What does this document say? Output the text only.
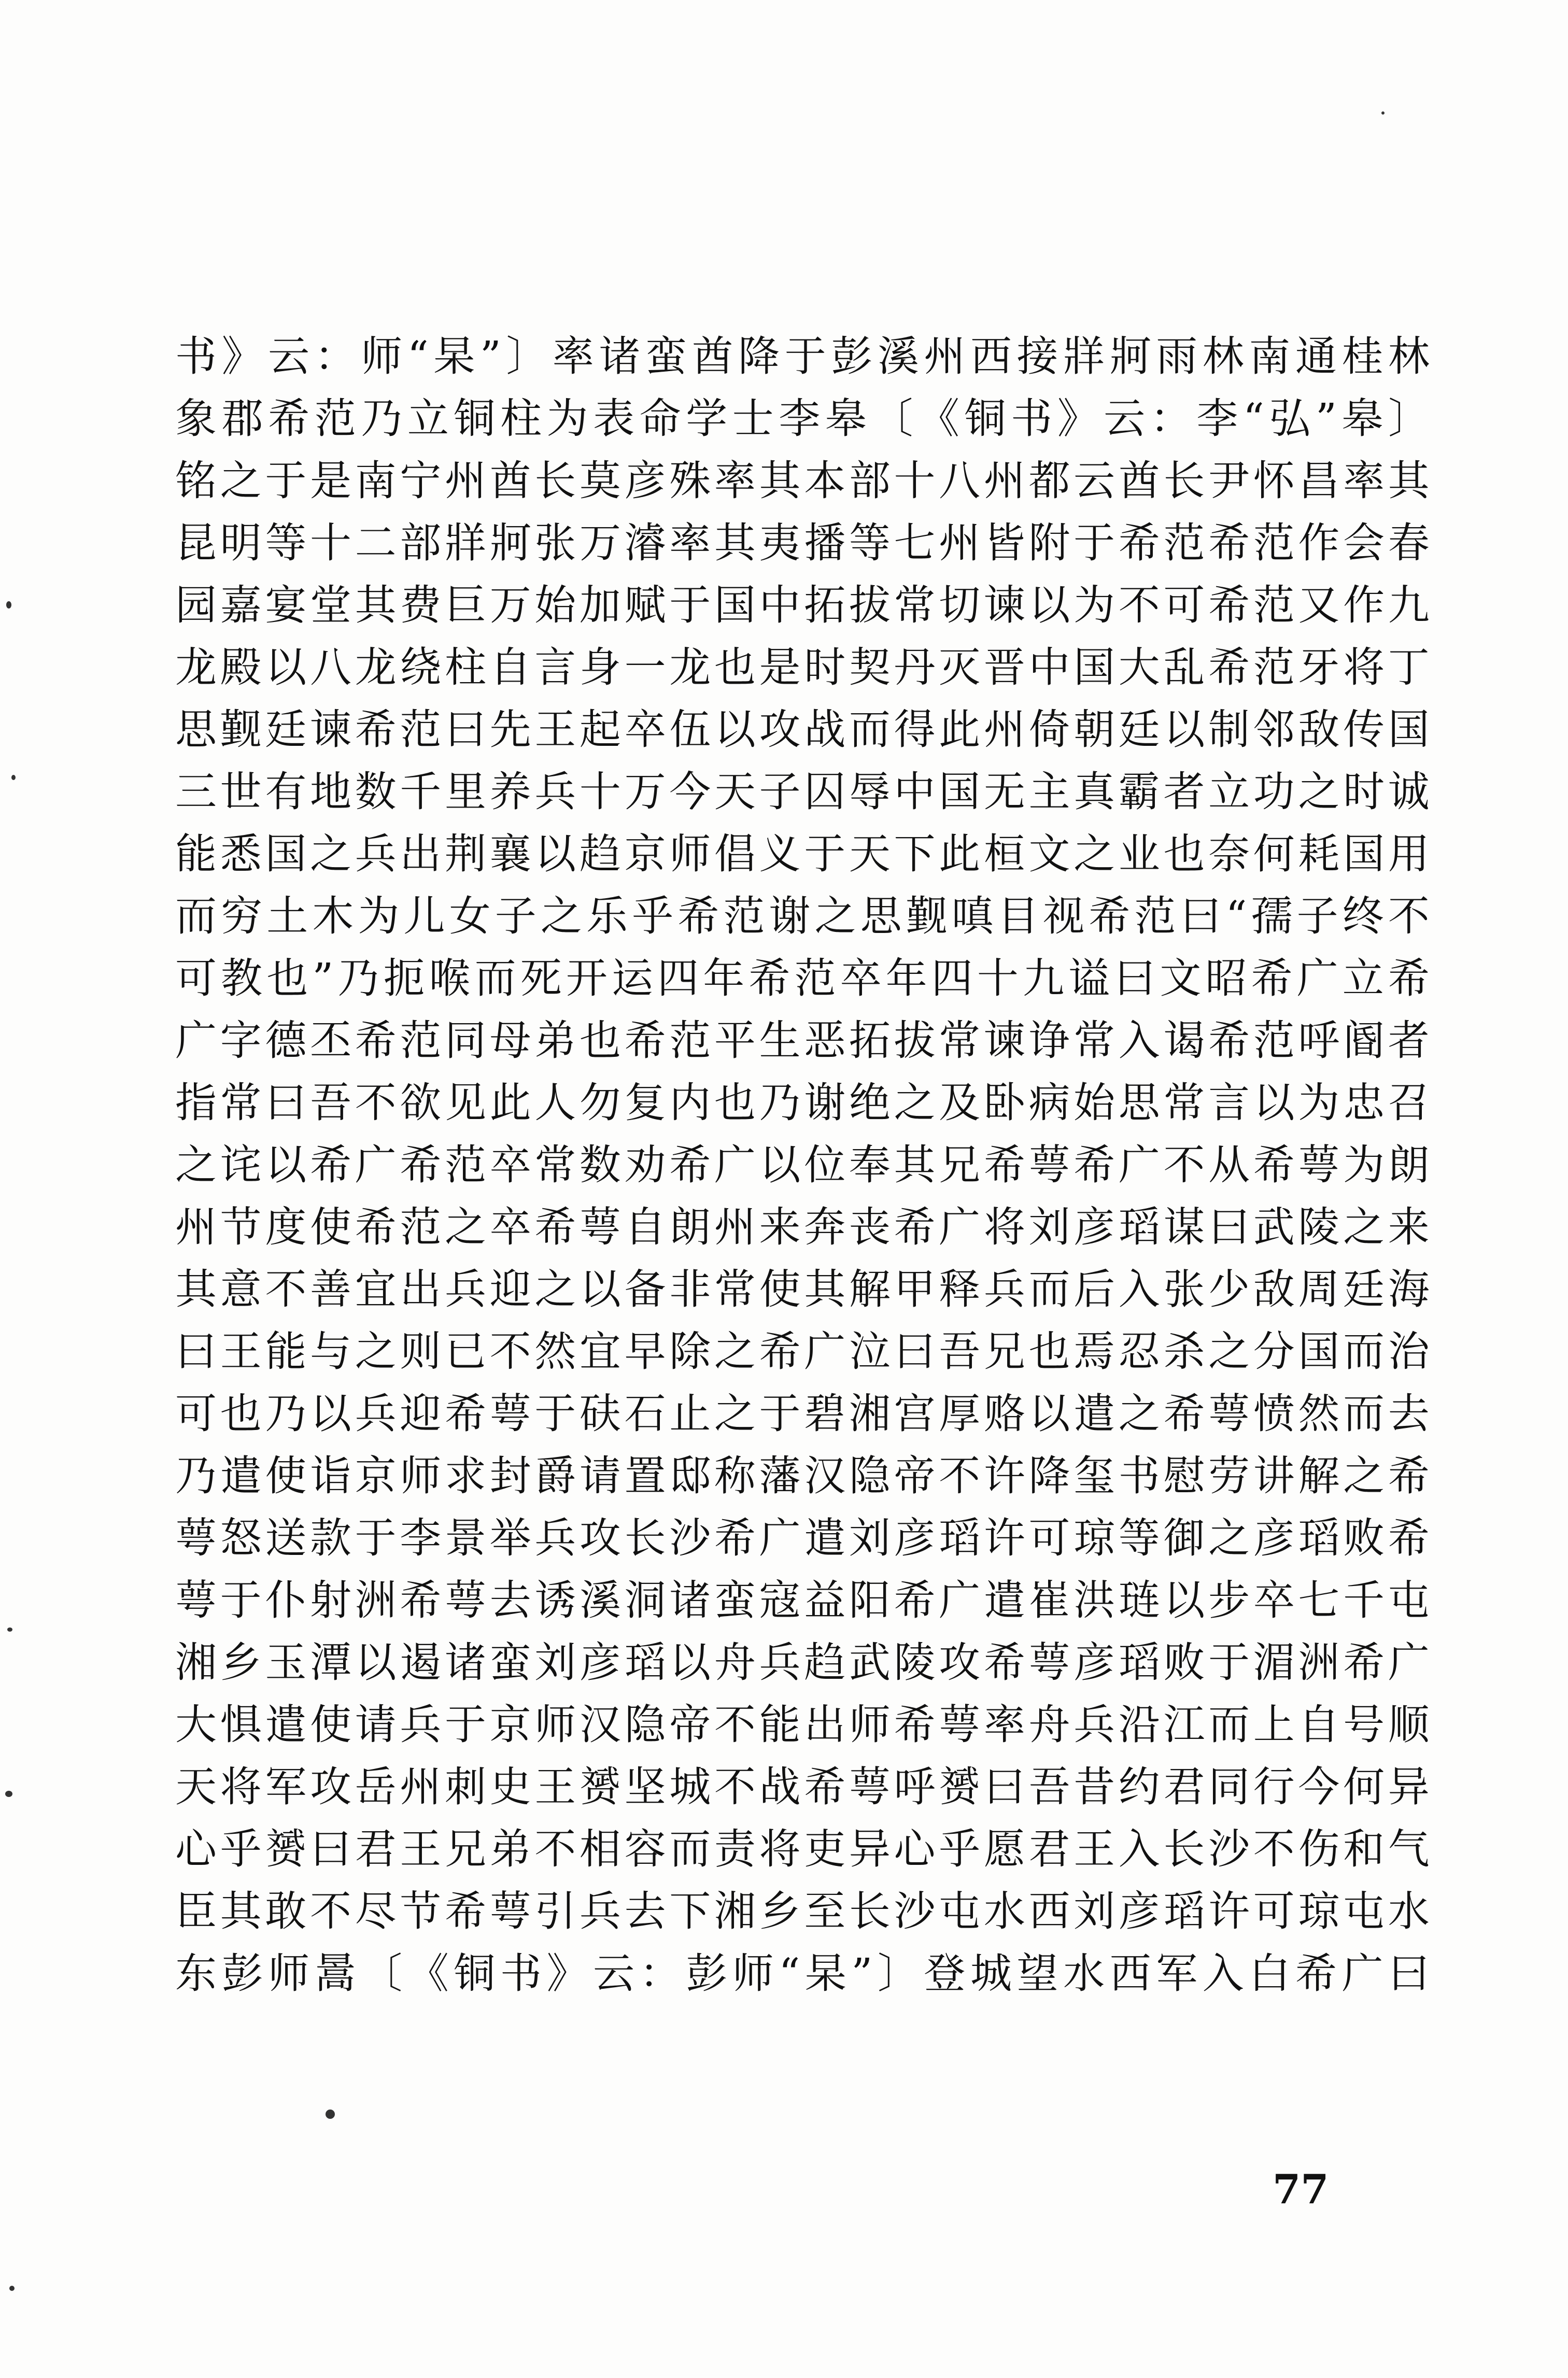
书 》 云 ： 师 “ 杲 ” 〕 率 诸 蛮 酋 降 于 彭 溪 州 西 接 牂 牁 雨 林 南 通 桂 林
象 郡 希 范 乃 立 铜 柱 为 表 命 学 士 李 皋 〔 《 铜 书 》 云 ： 李 “ 弘 ” 皋 〕
铭 之 于 是 南 宁 州 酋 长 莫 彦 殊 率 其 本 部 十 八 州 都 云 酋 长 尹 怀 昌 率 其
昆 明 等 十 二 部 牂 牁 张 万 濬 率 其 夷 播 等 七 州 皆 附 于 希 范 希 范 作 会 春
园 嘉 宴 堂 其 费 巨 万 始 加 赋 于 国 中 拓 拔 常 切 谏 以 为 不 可 希 范 又 作 九
龙 殿 以 八 龙 绕 柱 自 言 身 一 龙 也 是 时 契 丹 灭 晋 中 国 大 乱 希 范 牙 将 丁
思 觐 廷 谏 希 范 曰 先 王 起 卒 伍 以 攻 战 而 得 此 州 倚 朝 廷 以 制 邻 敌 传 国
三 世 有 地 数 千 里 养 兵 十 万 今 天 子 囚 辱 中 国 无 主 真 霸 者 立 功 之 时 诚
能 悉 国 之 兵 出 荆 襄 以 趋 京 师 倡 义 于 天 下 此 桓 文 之 业 也 奈 何 耗 国 用
而 穷 土 木 为 儿 女 子 之 乐 乎 希 范 谢 之 思 觐 嗔 目 视 希 范 曰 “ 孺 子 终 不
可 教 也 ” 乃 扼 喉 而 死 开 运 四 年 希 范 卒 年 四 十 九 谥 曰 文 昭 希 广 立 希
广 字 德 丕 希 范 同 母 弟 也 希 范 平 生 恶 拓 拔 常 谏 诤 常 入 谒 希 范 呼 阍 者
指 常 曰 吾 不 欲 见 此 人 勿 复 内 也 乃 谢 绝 之 及 卧 病 始 思 常 言 以 为 忠 召
之 诧 以 希 广 希 范 卒 常 数 劝 希 广 以 位 奉 其 兄 希 萼 希 广 不 从 希 萼 为 朗
州 节 度 使 希 范 之 卒 希 萼 自 朗 州 来 奔 丧 希 广 将 刘 彦 瑫 谋 曰 武 陵 之 来
其 意 不 善 宜 出 兵 迎 之 以 备 非 常 使 其 解 甲 释 兵 而 后 入 张 少 敌 周 廷 海
曰 王 能 与 之 则 已 不 然 宜 早 除 之 希 广 泣 曰 吾 兄 也 焉 忍 杀 之 分 国 而 治
可 也 乃 以 兵 迎 希 萼 于 砆 石 止 之 于 碧 湘 宫 厚 赂 以 遣 之 希 萼 愤 然 而 去
乃 遣 使 诣 京 师 求 封 爵 请 置 邸 称 藩 汉 隐 帝 不 许 降 玺 书 慰 劳 讲 解 之 希
萼 怒 送 款 于 李 景 举 兵 攻 长 沙 希 广 遣 刘 彦 瑫 许 可 琼 等 御 之 彦 瑫 败 希
萼 于 仆 射 洲 希 萼 去 诱 溪 洞 诸 蛮 寇 益 阳 希 广 遣 崔 洪 琏 以 步 卒 七 千 屯
湘 乡 玉 潭 以 遏 诸 蛮 刘 彦 瑫 以 舟 兵 趋 武 陵 攻 希 萼 彦 瑫 败 于 湄 洲 希 广
大 惧 遣 使 请 兵 于 京 师 汉 隐 帝 不 能 出 师 希 萼 率 舟 兵 沿 江 而 上 自 号 顺
天 将 军 攻 岳 州 刺 史 王 赟 坚 城 不 战 希 萼 呼 赟 曰 吾 昔 约 君 同 行 今 何 异
心 乎 赟 曰 君 王 兄 弟 不 相 容 而 责 将 吏 异 心 乎 愿 君 王 入 长 沙 不 伤 和 气
臣 其 敢 不 尽 节 希 萼 引 兵 去 下 湘 乡 至 长 沙 屯 水 西 刘 彦 瑫 许 可 琼 屯 水
东 彭 师 暠 〔 《 铜 书 》 云 ： 彭 师 “ 杲 ” 〕 登 城 望 水 西 军 入 白 希 广 曰
77
